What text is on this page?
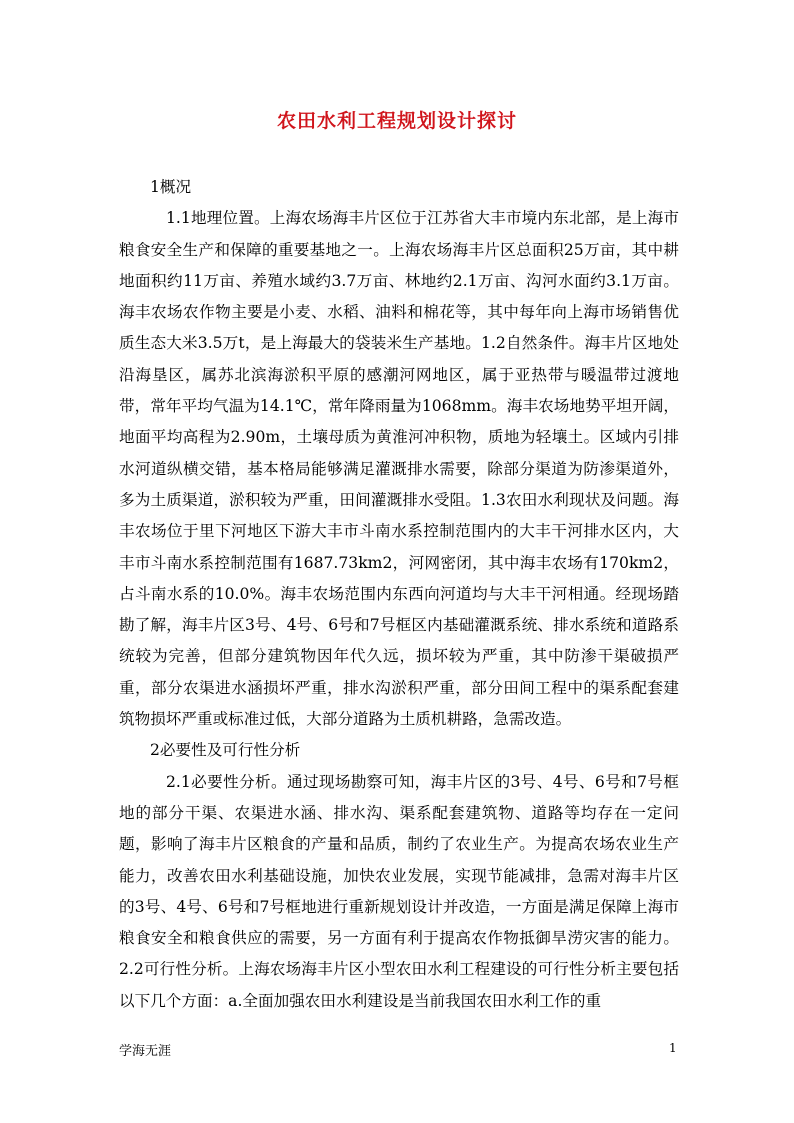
农田水利工程规划设计探讨

1概况

1.1地理位置。上海农场海丰片区位于江苏省大丰市境内东北部，是上海市粮食安全生产和保障的重要基地之一。上海农场海丰片区总面积25万亩，其中耕地面积约11万亩、养殖水域约3.7万亩、林地约2.1万亩、沟河水面约3.1万亩。海丰农场农作物主要是小麦、水稻、油料和棉花等，其中每年向上海市场销售优质生态大米3.5万t，是上海最大的袋装米生产基地。1.2自然条件。海丰片区地处沿海垦区，属苏北滨海淤积平原的感潮河网地区，属于亚热带与暖温带过渡地带，常年平均气温为14.1℃，常年降雨量为1068mm。海丰农场地势平坦开阔，地面平均高程为2.90m，土壤母质为黄淮河冲积物，质地为轻壤土。区域内引排水河道纵横交错，基本格局能够满足灌溉排水需要，除部分渠道为防渗渠道外，多为土质渠道，淤积较为严重，田间灌溉排水受阻。1.3农田水利现状及问题。海丰农场位于里下河地区下游大丰市斗南水系控制范围内的大丰干河排水区内，大丰市斗南水系控制范围有1687.73km2，河网密闭，其中海丰农场有170km2，占斗南水系的10.0%。海丰农场范围内东西向河道均与大丰干河相通。经现场踏勘了解，海丰片区3号、4号、6号和7号框区内基础灌溉系统、排水系统和道路系统较为完善，但部分建筑物因年代久远，损坏较为严重，其中防渗干渠破损严重，部分农渠进水涵损坏严重，排水沟淤积严重，部分田间工程中的渠系配套建筑物损坏严重或标准过低，大部分道路为土质机耕路，急需改造。

2必要性及可行性分析

2.1必要性分析。通过现场勘察可知，海丰片区的3号、4号、6号和7号框地的部分干渠、农渠进水涵、排水沟、渠系配套建筑物、道路等均存在一定问题，影响了海丰片区粮食的产量和品质，制约了农业生产。为提高农场农业生产能力，改善农田水利基础设施，加快农业发展，实现节能减排，急需对海丰片区的3号、4号、6号和7号框地进行重新规划设计并改造，一方面是满足保障上海市粮食安全和粮食供应的需要，另一方面有利于提高农作物抵御旱涝灾害的能力。2.2可行性分析。上海农场海丰片区小型农田水利工程建设的可行性分析主要包括以下几个方面：a.全面加强农田水利建设是当前我国农田水利工作的重

学海无涯	1
